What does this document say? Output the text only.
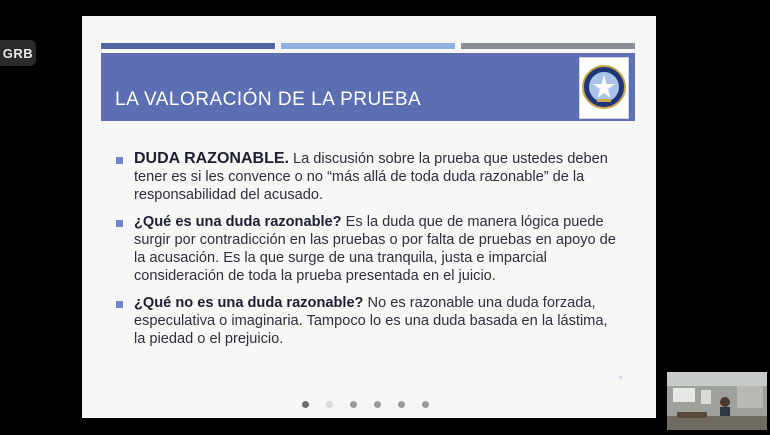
GRB
LA VALORACIÓN DE LA PRUEBA

DUDA RAZONABLE. La discusión sobre la prueba que ustedes deben tener es si les convence o no “más allá de toda duda razonable” de la responsabilidad del acusado.

¿Qué es una duda razonable? Es la duda que de manera lógica puede surgir por contradicción en las pruebas o por falta de pruebas en apoyo de la acusación. Es la que surge de una tranquila, justa e imparcial consideración de toda la prueba presentada en el juicio.

¿Qué no es una duda razonable? No es razonable una duda forzada, especulativa o imaginaria. Tampoco lo es una duda basada en la lástima, la piedad o el prejuicio.

▫
